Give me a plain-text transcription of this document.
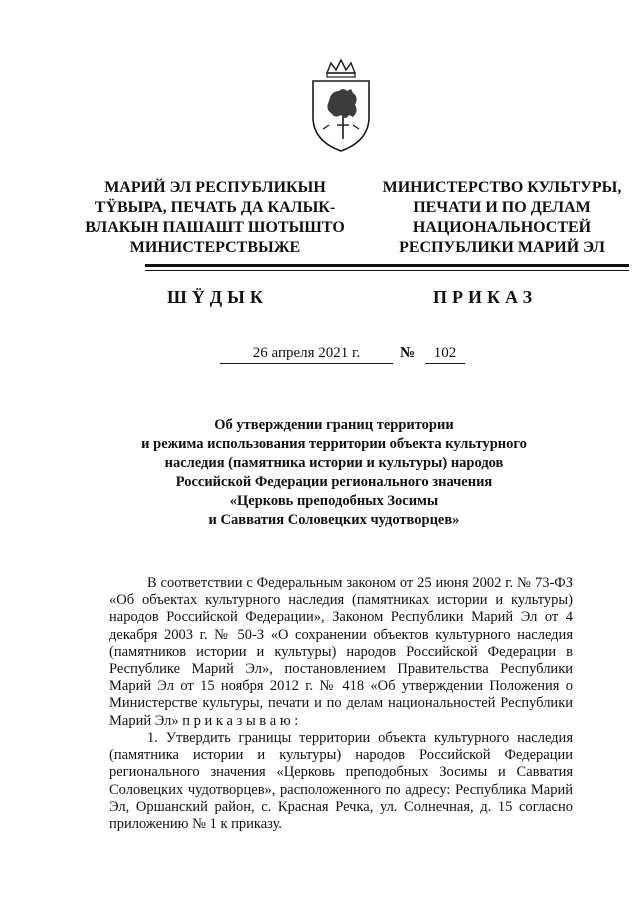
МАРИЙ ЭЛ РЕСПУБЛИКЫН
ТŸВЫРА, ПЕЧАТЬ ДА КАЛЫК-
ВЛАКЫН ПАШАШТ ШОТЫШТО
МИНИСТЕРСТВЫЖЕ
МИНИСТЕРСТВО КУЛЬТУРЫ,
ПЕЧАТИ И ПО ДЕЛАМ
НАЦИОНАЛЬНОСТЕЙ
РЕСПУБЛИКИ МАРИЙ ЭЛ
ШŸДЫК	ПРИКАЗ
26 апреля 2021 г.	№	102
Об утверждении границ территории
и режима использования территории объекта культурного
наследия (памятника истории и культуры) народов
Российской Федерации регионального значения
«Церковь преподобных Зосимы
и Савватия Соловецких чудотворцев»

В соответствии с Федеральным законом от 25 июня 2002 г. № 73-ФЗ «Об объектах культурного наследия (памятниках истории и культуры) народов Российской Федерации», Законом Республики Марий Эл от 4 декабря 2003 г. № 50-З «О сохранении объектов культурного наследия (памятников истории и культуры) народов Российской Федерации в Республике Марий Эл», постановлением Правительства Республики Марий Эл от 15 ноября 2012 г. № 418 «Об утверждении Положения о Министерстве культуры, печати и по делам национальностей Республики Марий Эл» п р и к а з ы в а ю :

1. Утвердить границы территории объекта культурного наследия (памятника истории и культуры) народов Российской Федерации регионального значения «Церковь преподобных Зосимы и Савватия Соловецких чудотворцев», расположенного по адресу: Республика Марий Эл, Оршанский район, с. Красная Речка, ул. Солнечная, д. 15 согласно приложению № 1 к приказу.
